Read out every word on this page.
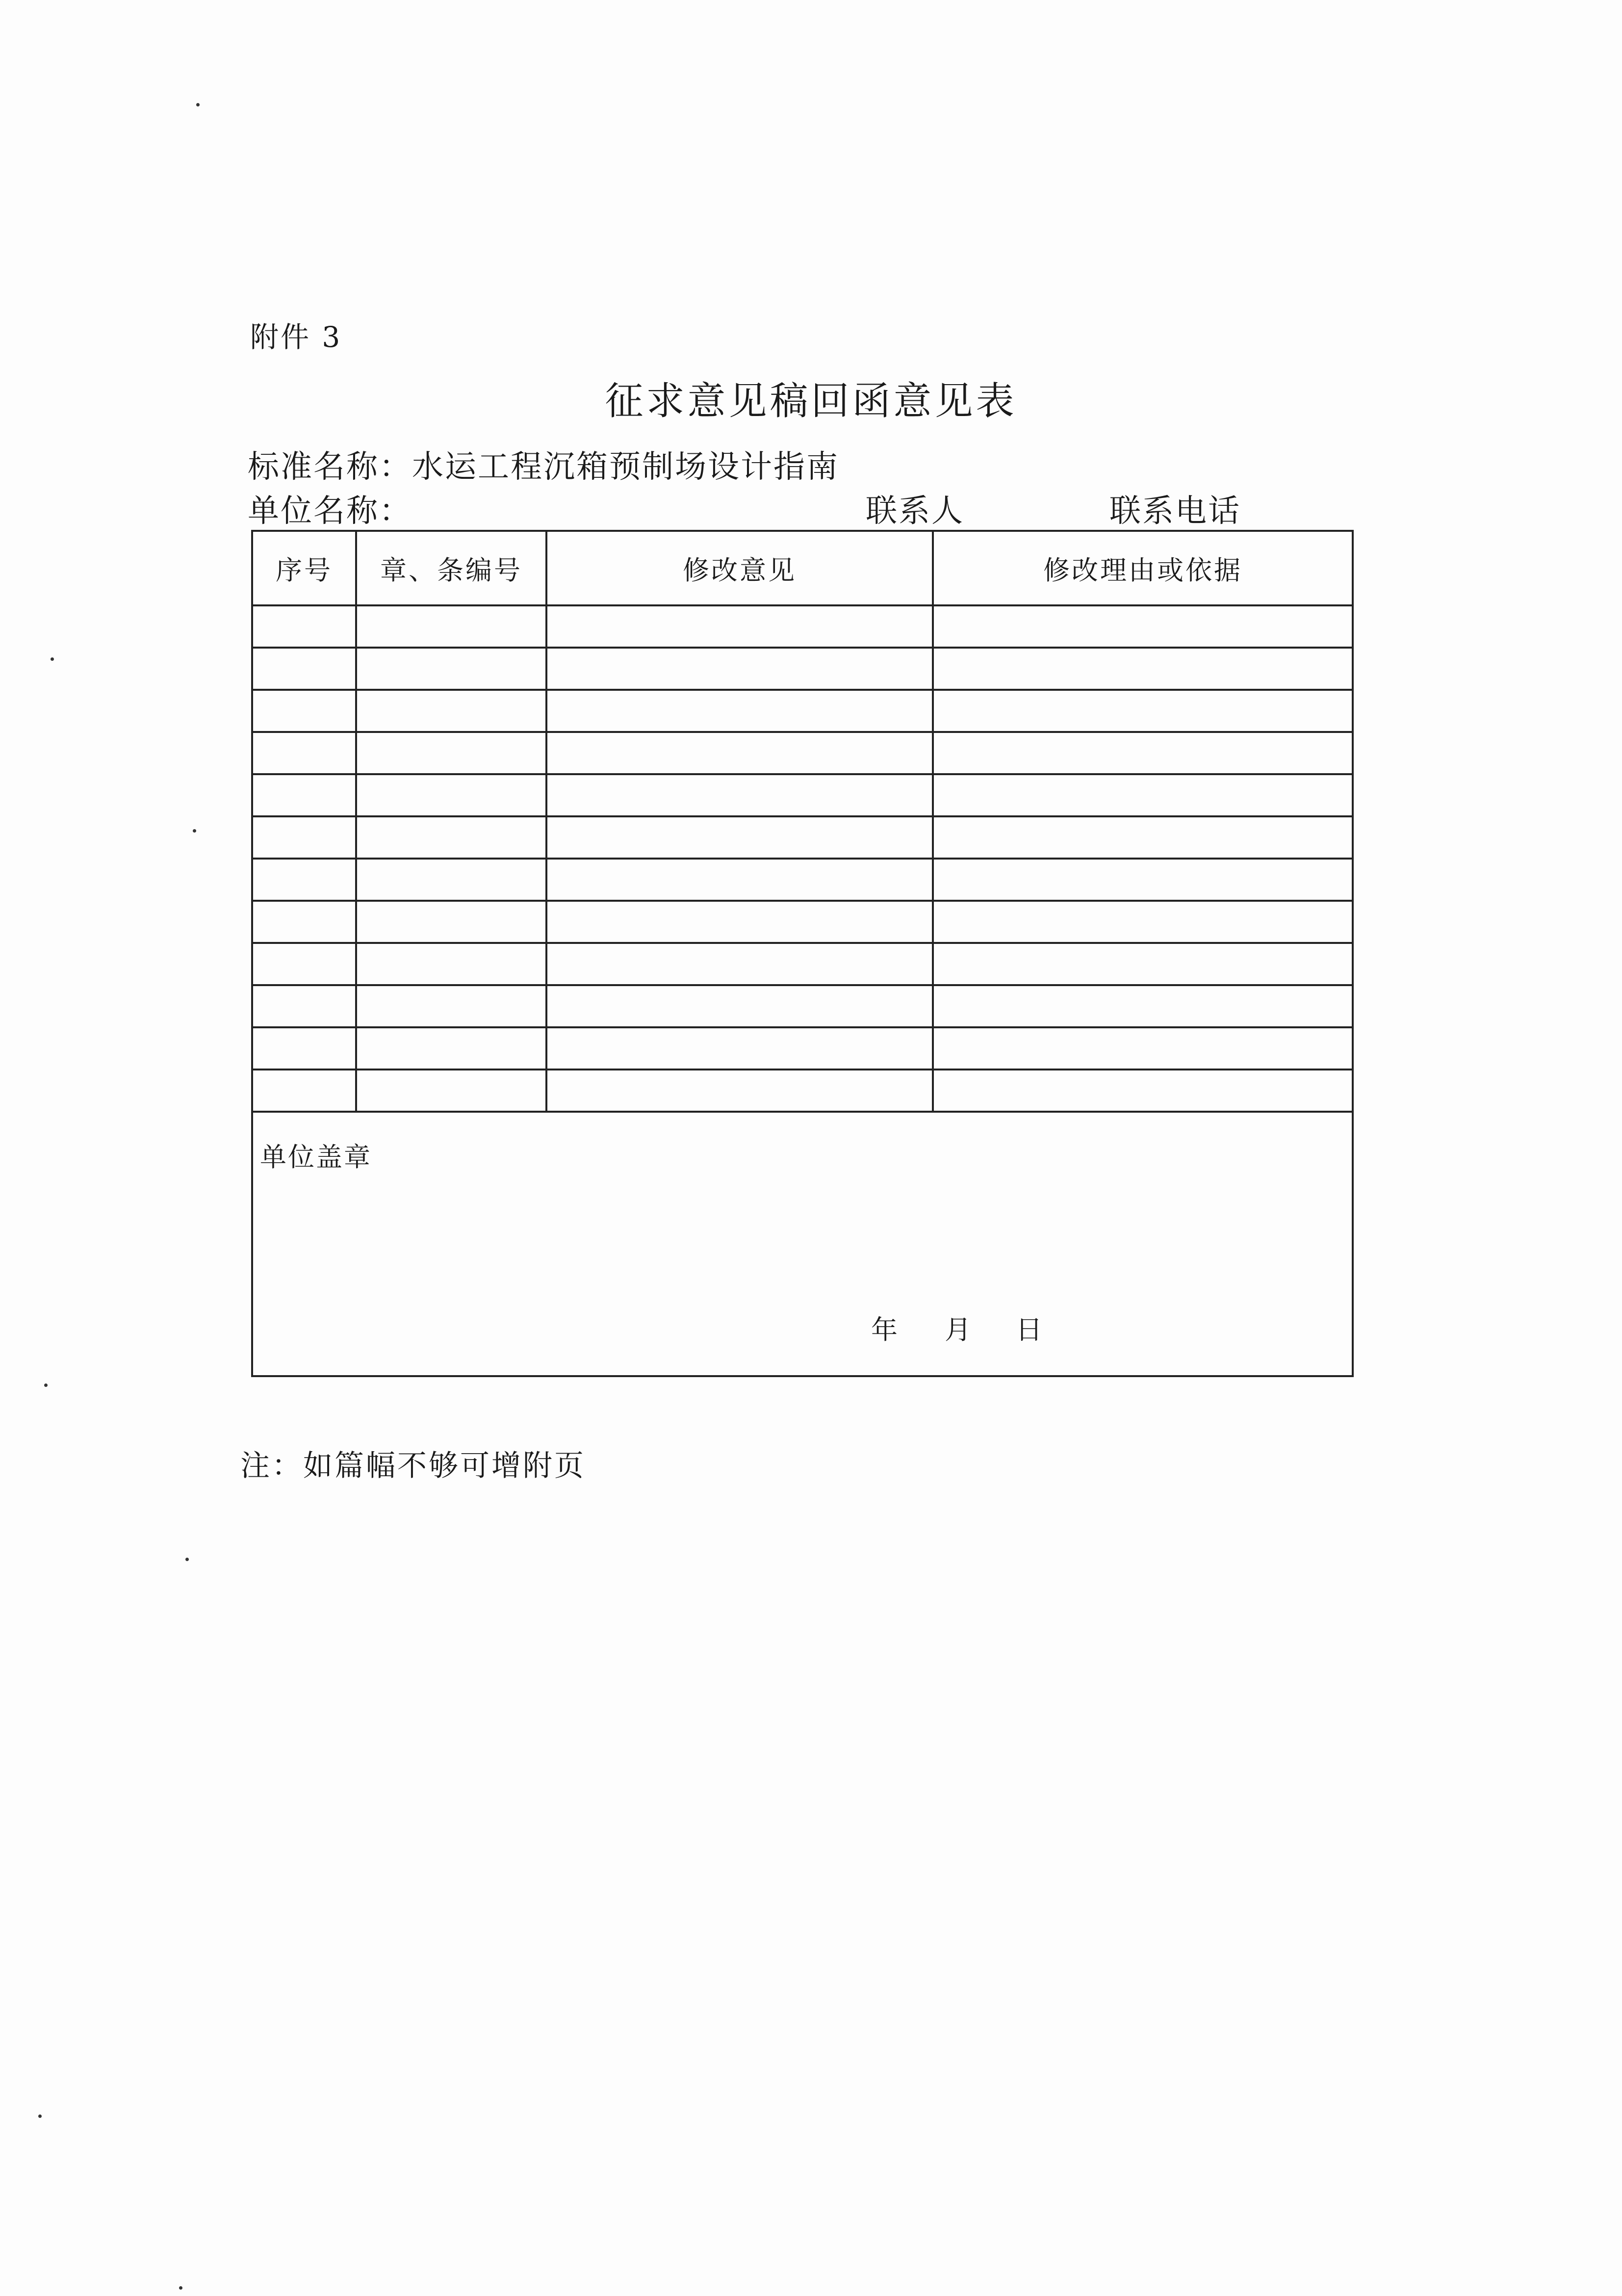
附件 3
征求意见稿回函意见表
标准名称：水运工程沉箱预制场设计指南
单位名称：	联系人	联系电话
序号	章、条编号	修改意见	修改理由或依据

单位盖章
年 月 日			
注：如篇幅不够可增附页
